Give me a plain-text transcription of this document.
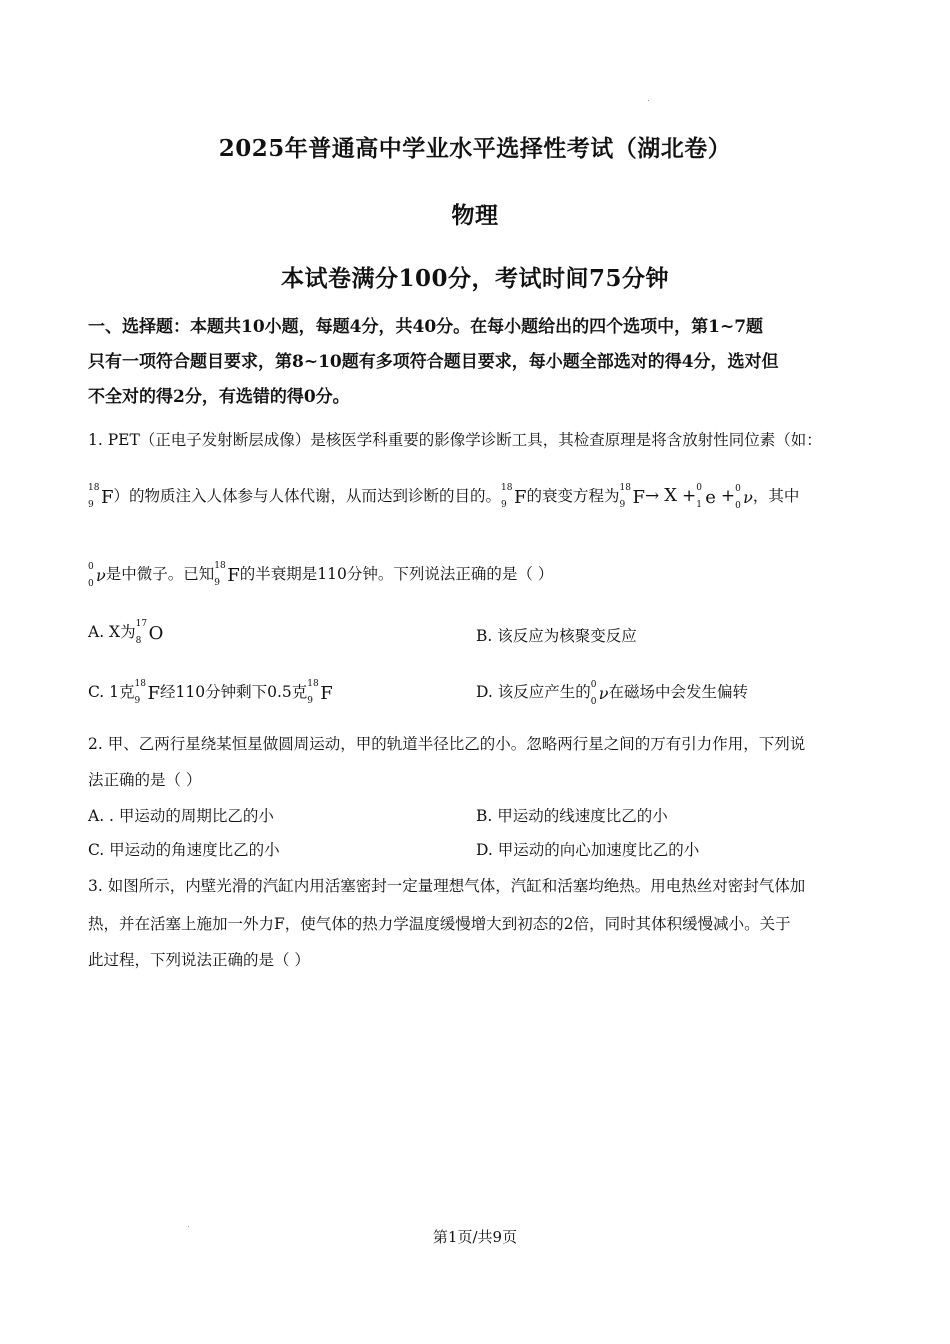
2025年普通高中学业水平选择性考试（湖北卷）
物理
本试卷满分100分，考试时间75分钟
一、选择题：本题共10小题，每题4分，共40分。在每小题给出的四个选项中，第1~7题
只有一项符合题目要求，第8~10题有多项符合题目要求，每小题全部选对的得4分，选对但
不全对的得2分，有选错的得0分。
1. PET（正电子发射断层成像）是核医学科重要的影像学诊断工具，其检查原理是将含放射性同位素（如：
18
9 F）的物质注入人体参与人体代谢，从而达到诊断的目的。 18
9 F的衰变方程为 18
9 F→ X + 0
1 e + 0
0 ν，其中
0
0 ν是中微子。已知 18
9 F的半衰期是110分钟。下列说法正确的是（ ）
A. X为 17
8 O	B. 该反应为核聚变反应
C. 1克 18
9 F经110分钟剩下0.5克 18
9 F	D. 该反应产生的 0
0 ν在磁场中会发生偏转
2. 甲、乙两行星绕某恒星做圆周运动，甲的轨道半径比乙的小。忽略两行星之间的万有引力作用，下列说
法正确的是（ ）
A. . 甲运动的周期比乙的小	B. 甲运动的线速度比乙的小
C. 甲运动的角速度比乙的小	D. 甲运动的向心加速度比乙的小
3. 如图所示，内壁光滑的汽缸内用活塞密封一定量理想气体，汽缸和活塞均绝热。用电热丝对密封气体加
热，并在活塞上施加一外力F，使气体的热力学温度缓慢增大到初态的2倍，同时其体积缓慢减小。关于
此过程，下列说法正确的是（ ）
第1页/共9页
